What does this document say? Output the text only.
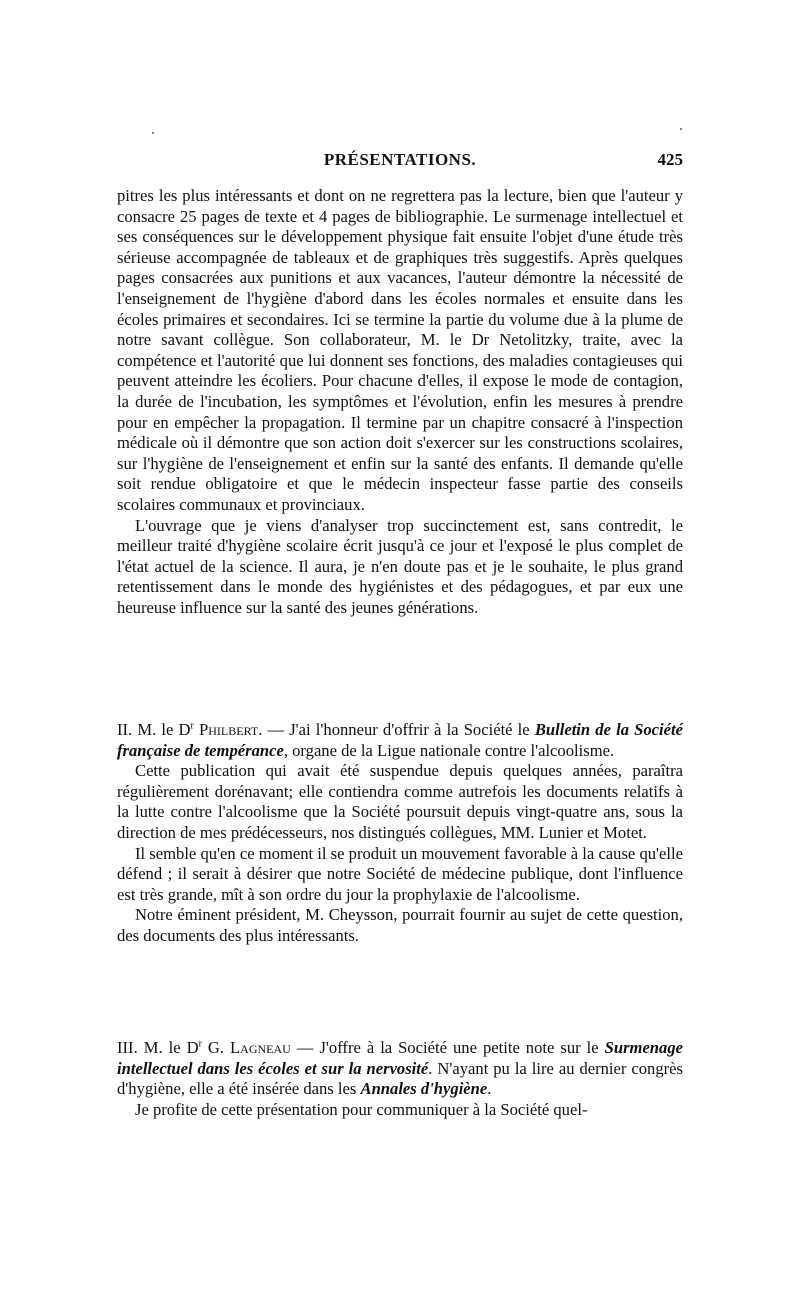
PRÉSENTATIONS.	425

pitres les plus intéressants et dont on ne regrettera pas la lecture, bien que l'auteur y consacre 25 pages de texte et 4 pages de bibliographie. Le surmenage intellectuel et ses conséquences sur le développement physique fait ensuite l'objet d'une étude très sérieuse accompagnée de tableaux et de graphiques très suggestifs. Après quelques pages consacrées aux punitions et aux vacances, l'auteur démontre la nécessité de l'enseignement de l'hygiène d'abord dans les écoles normales et ensuite dans les écoles primaires et secondaires. Ici se termine la partie du volume due à la plume de notre savant collègue. Son collaborateur, M. le Dr Netolitzky, traite, avec la compétence et l'autorité que lui donnent ses fonctions, des maladies contagieuses qui peuvent atteindre les écoliers. Pour chacune d'elles, il expose le mode de contagion, la durée de l'incubation, les symptômes et l'évolution, enfin les mesures à prendre pour en empêcher la propagation. Il termine par un chapitre consacré à l'inspection médicale où il démontre que son action doit s'exercer sur les constructions scolaires, sur l'hygiène de l'enseignement et enfin sur la santé des enfants. Il demande qu'elle soit rendue obligatoire et que le médecin inspecteur fasse partie des conseils scolaires communaux et provinciaux.

L'ouvrage que je viens d'analyser trop succinctement est, sans contredit, le meilleur traité d'hygiène scolaire écrit jusqu'à ce jour et l'exposé le plus complet de l'état actuel de la science. Il aura, je n'en doute pas et je le souhaite, le plus grand retentissement dans le monde des hygiénistes et des pédagogues, et par eux une heureuse influence sur la santé des jeunes générations.

II. M. le $D^r$ Philbert. — J'ai l'honneur d'offrir à la Société le Bulletin de la Société française de tempérance, organe de la Ligue nationale contre l'alcoolisme.

Cette publication qui avait été suspendue depuis quelques années, paraîtra régulièrement dorénavant; elle contiendra comme autrefois les documents relatifs à la lutte contre l'alcoolisme que la Société poursuit depuis vingt-quatre ans, sous la direction de mes prédécesseurs, nos distingués collègues, MM. Lunier et Motet.

Il semble qu'en ce moment il se produit un mouvement favorable à la cause qu'elle défend ; il serait à désirer que notre Société de médecine publique, dont l'influence est très grande, mît à son ordre du jour la prophylaxie de l'alcoolisme.

Notre éminent président, M. Cheysson, pourrait fournir au sujet de cette question, des documents des plus intéressants.

III. M. le $D^r$ G. Lagneau — J'offre à la Société une petite note sur le Surmenage intellectuel dans les écoles et sur la nervosité. N'ayant pu la lire au dernier congrès d'hygiène, elle a été insérée dans les Annales d'hygiène.

Je profite de cette présentation pour communiquer à la Société quel-
